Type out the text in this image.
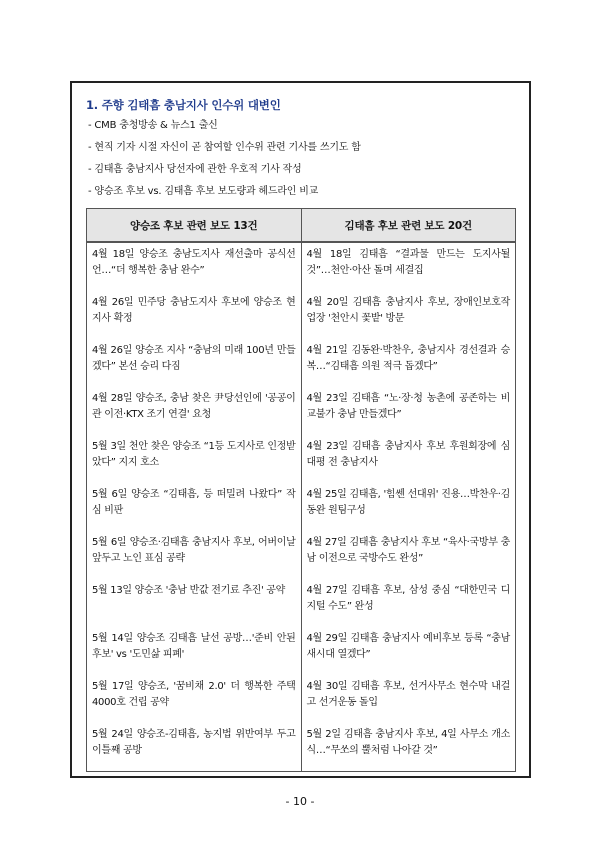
1. 주향 김태흠 충남지사 인수위 대변인
- CMB 충청방송 & 뉴스1 출신
- 현직 기자 시절 자신이 곧 참여할 인수위 관련 기사를 쓰기도 함
- 김태흠 충남지사 당선자에 관한 우호적 기사 작성
- 양승조 후보 vs. 김태흠 후보 보도량과 헤드라인 비교
양승조 후보 관련 보도 13건	김태흠 후보 관련 보도 20건
4월 18일 양승조 충남도지사 재선출마 공식선언…“더 행복한 충남 완수”	4월 18일 김태흠 “결과물 만드는 도지사될 것”…천안·아산 돌며 세결집
4월 26일 민주당 충남도지사 후보에 양승조 현 지사 확정	4월 20일 김태흠 충남지사 후보, 장애인보호작업장 '천안시 꽃밭' 방문
4월 26일 양승조 지사 “충남의 미래 100년 만들겠다” 본선 승리 다짐	4월 21일 김동완·박찬우, 충남지사 경선결과 승복…“김태흠 의원 적극 돕겠다”
4월 28일 양승조, 충남 찾은 尹당선인에 '공공이관 이전·KTX 조기 연결' 요청	4월 23일 김태흠 “노·장·청 농촌에 공존하는 비교불가 충남 만들겠다”
5월 3일 천안 찾은 양승조 “1등 도지사로 인정받았다” 지지 호소	4월 23일 김태흠 충남지사 후보 후원회장에 심대평 전 충남지사
5월 6일 양승조 “김태흠, 등 떠밀려 나왔다” 작심 비판	4월 25일 김태흠, '힘쎈 선대위' 진용…박찬우·김동완 원팀구성
5월 6일 양승조·김태흠 충남지사 후보, 어버이날 앞두고 노인 표심 공략	4월 27일 김태흠 충남지사 후보 “육사·국방부 충남 이전으로 국방수도 완성”
5월 13일 양승조 '충남 반값 전기료 추진' 공약	4월 27일 김태흠 후보, 삼성 중심 “대한민국 디지털 수도” 완성
5월 14일 양승조 김태흠 날선 공방…'준비 안된 후보' vs '도민삶 피폐'	4월 29일 김태흠 충남지사 예비후보 등록 “충남 새시대 열겠다”
5월 17일 양승조, '꿈비채 2.0' 더 행복한 주택 4000호 건립 공약	4월 30일 김태흠 후보, 선거사무소 현수막 내걸고 선거운동 돌입
5월 24일 양승조-김태흠, 농지법 위반여부 두고 이틀째 공방	5월 2일 김태흠 충남지사 후보, 4일 사무소 개소식…“무쏘의 뿔처럼 나아갈 것”
- 10 -
